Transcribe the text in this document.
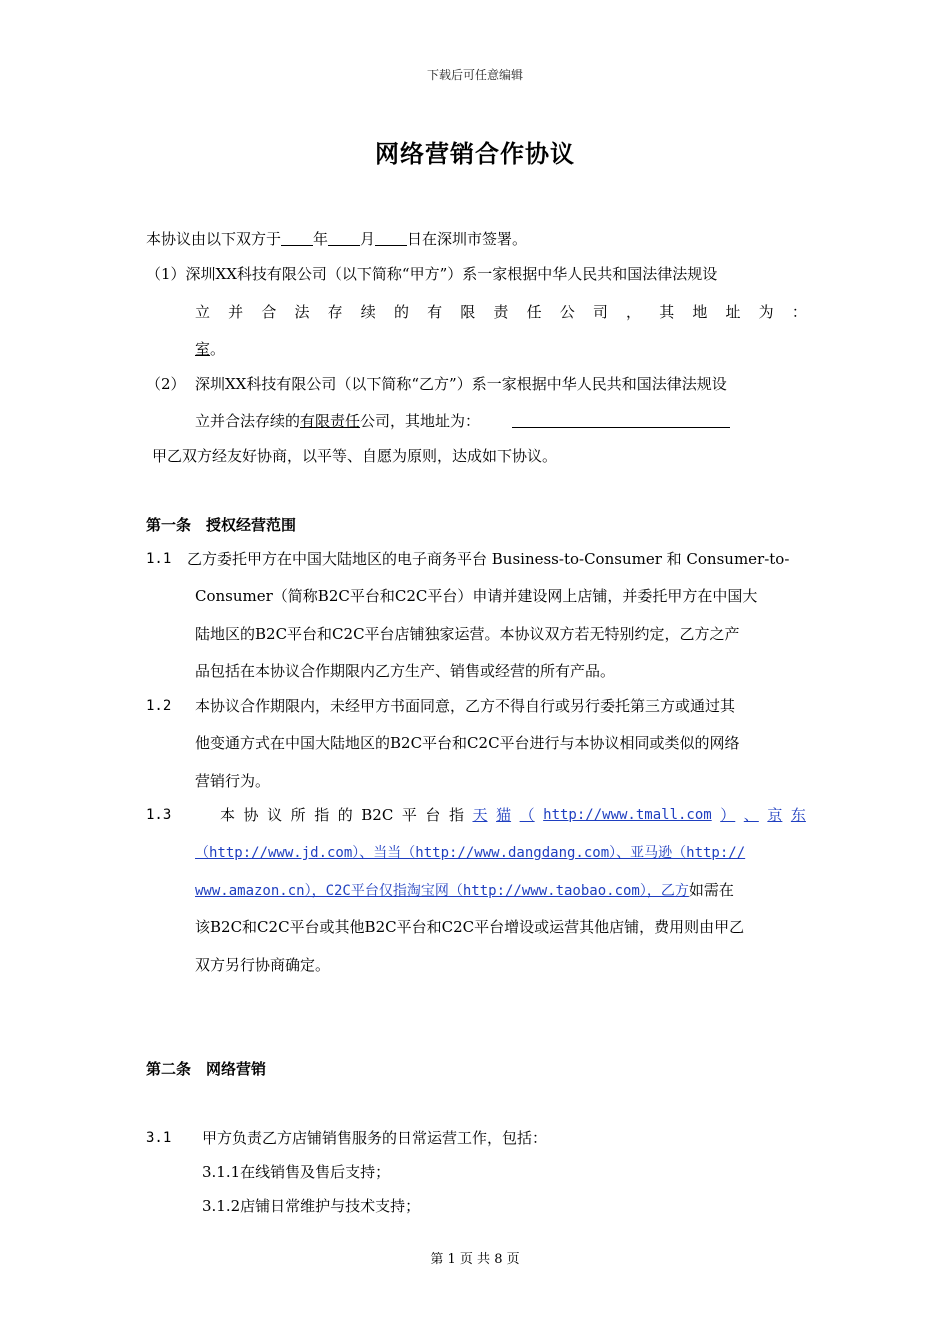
下载后可任意编辑
网络营销合作协议
本协议由以下双方于 年 月 日在深圳市签署。
（1）深圳XX科技有限公司（以下简称“甲方”）系一家根据中华人民共和国法律法规设
立 并 合 法 存 续 的 有 限 责 任 公 司 ， 其 地 址 为 ：
室。
（2） 深圳XX科技有限公司（以下简称“乙方”）系一家根据中华人民共和国法律法规设
立并合法存续的有限责任公司，其地址为：
甲乙双方经友好协商，以平等、自愿为原则，达成如下协议。
第一条　授权经营范围
1.1 乙方委托甲方在中国大陆地区的电子商务平台 Business-to-Consumer 和 Consumer-to-
Consumer（简称B2C平台和C2C平台）申请并建设网上店铺，并委托甲方在中国大
陆地区的B2C平台和C2C平台店铺独家运营。本协议双方若无特别约定，乙方之产
品包括在本协议合作期限内乙方生产、销售或经营的所有产品。
1.2 本协议合作期限内，未经甲方书面同意，乙方不得自行或另行委托第三方或通过其
他变通方式在中国大陆地区的B2C平台和C2C平台进行与本协议相同或类似的网络
营销行为。
1.3	本 协 议 所 指 的 B2C 平 台 指 天 猫 （ http://www.tmall.com ） 、 京 东
（http://www.jd.com）、当当（http://www.dangdang.com）、亚马逊（http://
www.amazon.cn），C2C平台仅指淘宝网（http://www.taobao.com），乙方如需在
该B2C和C2C平台或其他B2C平台和C2C平台增设或运营其他店铺，费用则由甲乙
双方另行协商确定。
第二条　网络营销
3.1 甲方负责乙方店铺销售服务的日常运营工作，包括：
3.1.1在线销售及售后支持；
3.1.2店铺日常维护与技术支持；
第 1 页 共 8 页
